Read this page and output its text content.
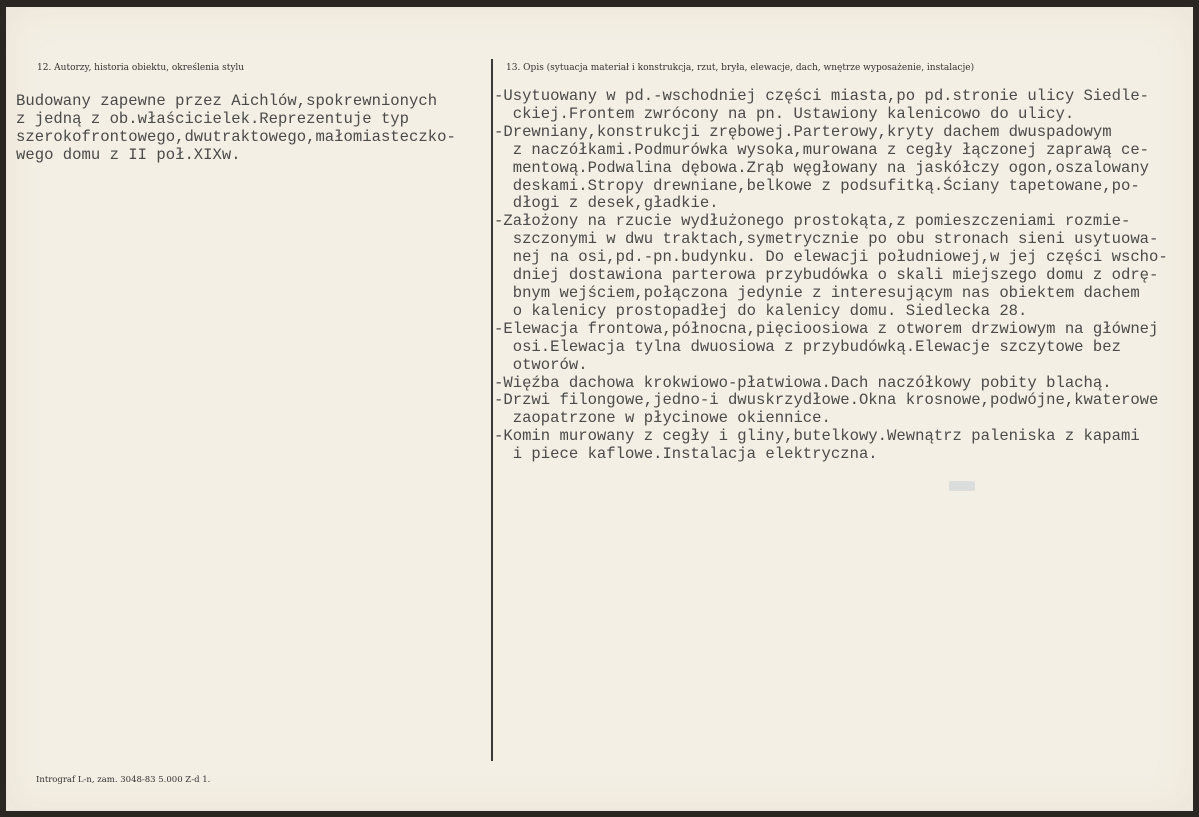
12. Autorzy, historia obiektu, określenia stylu	13. Opis (sytuacja materiał i konstrukcja, rzut, bryła, elewacje, dach, wnętrze wyposażenie, instalacje)
Budowany zapewne przez Aichlów,spokrewnionych
z jedną z ob.właścicielek.Reprezentuje typ
szerokofrontowego,dwutraktowego,małomiasteczko-
wego domu z II poł.XIXw.
-Usytuowany w pd.-wschodniej części miasta,po pd.stronie ulicy Siedle-
ckiej.Frontem zwrócony na pn. Ustawiony kalenicowo do ulicy.
-Drewniany,konstrukcji zrębowej.Parterowy,kryty dachem dwuspadowym
z naczółkami.Podmurówka wysoka,murowana z cegły łączonej zaprawą ce-
mentową.Podwalina dębowa.Zrąb węgłowany na jaskółczy ogon,oszalowany
deskami.Stropy drewniane,belkowe z podsufitką.Ściany tapetowane,po-
dłogi z desek,gładkie.
-Założony na rzucie wydłużonego prostokąta,z pomieszczeniami rozmie-
szczonymi w dwu traktach,symetrycznie po obu stronach sieni usytuowa-
nej na osi,pd.-pn.budynku. Do elewacji południowej,w jej części wscho-
dniej dostawiona parterowa przybudówka o skali miejszego domu z odrę-
bnym wejściem,połączona jedynie z interesującym nas obiektem dachem
o kalenicy prostopadłej do kalenicy domu. Siedlecka 28.
-Elewacja frontowa,północna,pięcioosiowa z otworem drzwiowym na głównej
osi.Elewacja tylna dwuosiowa z przybudówką.Elewacje szczytowe bez
otworów.
-Więźba dachowa krokwiowo-płatwiowa.Dach naczółkowy pobity blachą.
-Drzwi filongowe,jedno-i dwuskrzydłowe.Okna krosnowe,podwójne,kwaterowe
zaopatrzone w płycinowe okiennice.
-Komin murowany z cegły i gliny,butelkowy.Wewnątrz paleniska z kapami
i piece kaflowe.Instalacja elektryczna.
Intrograf L-n, zam. 3048-83 5.000 Z-d 1.
